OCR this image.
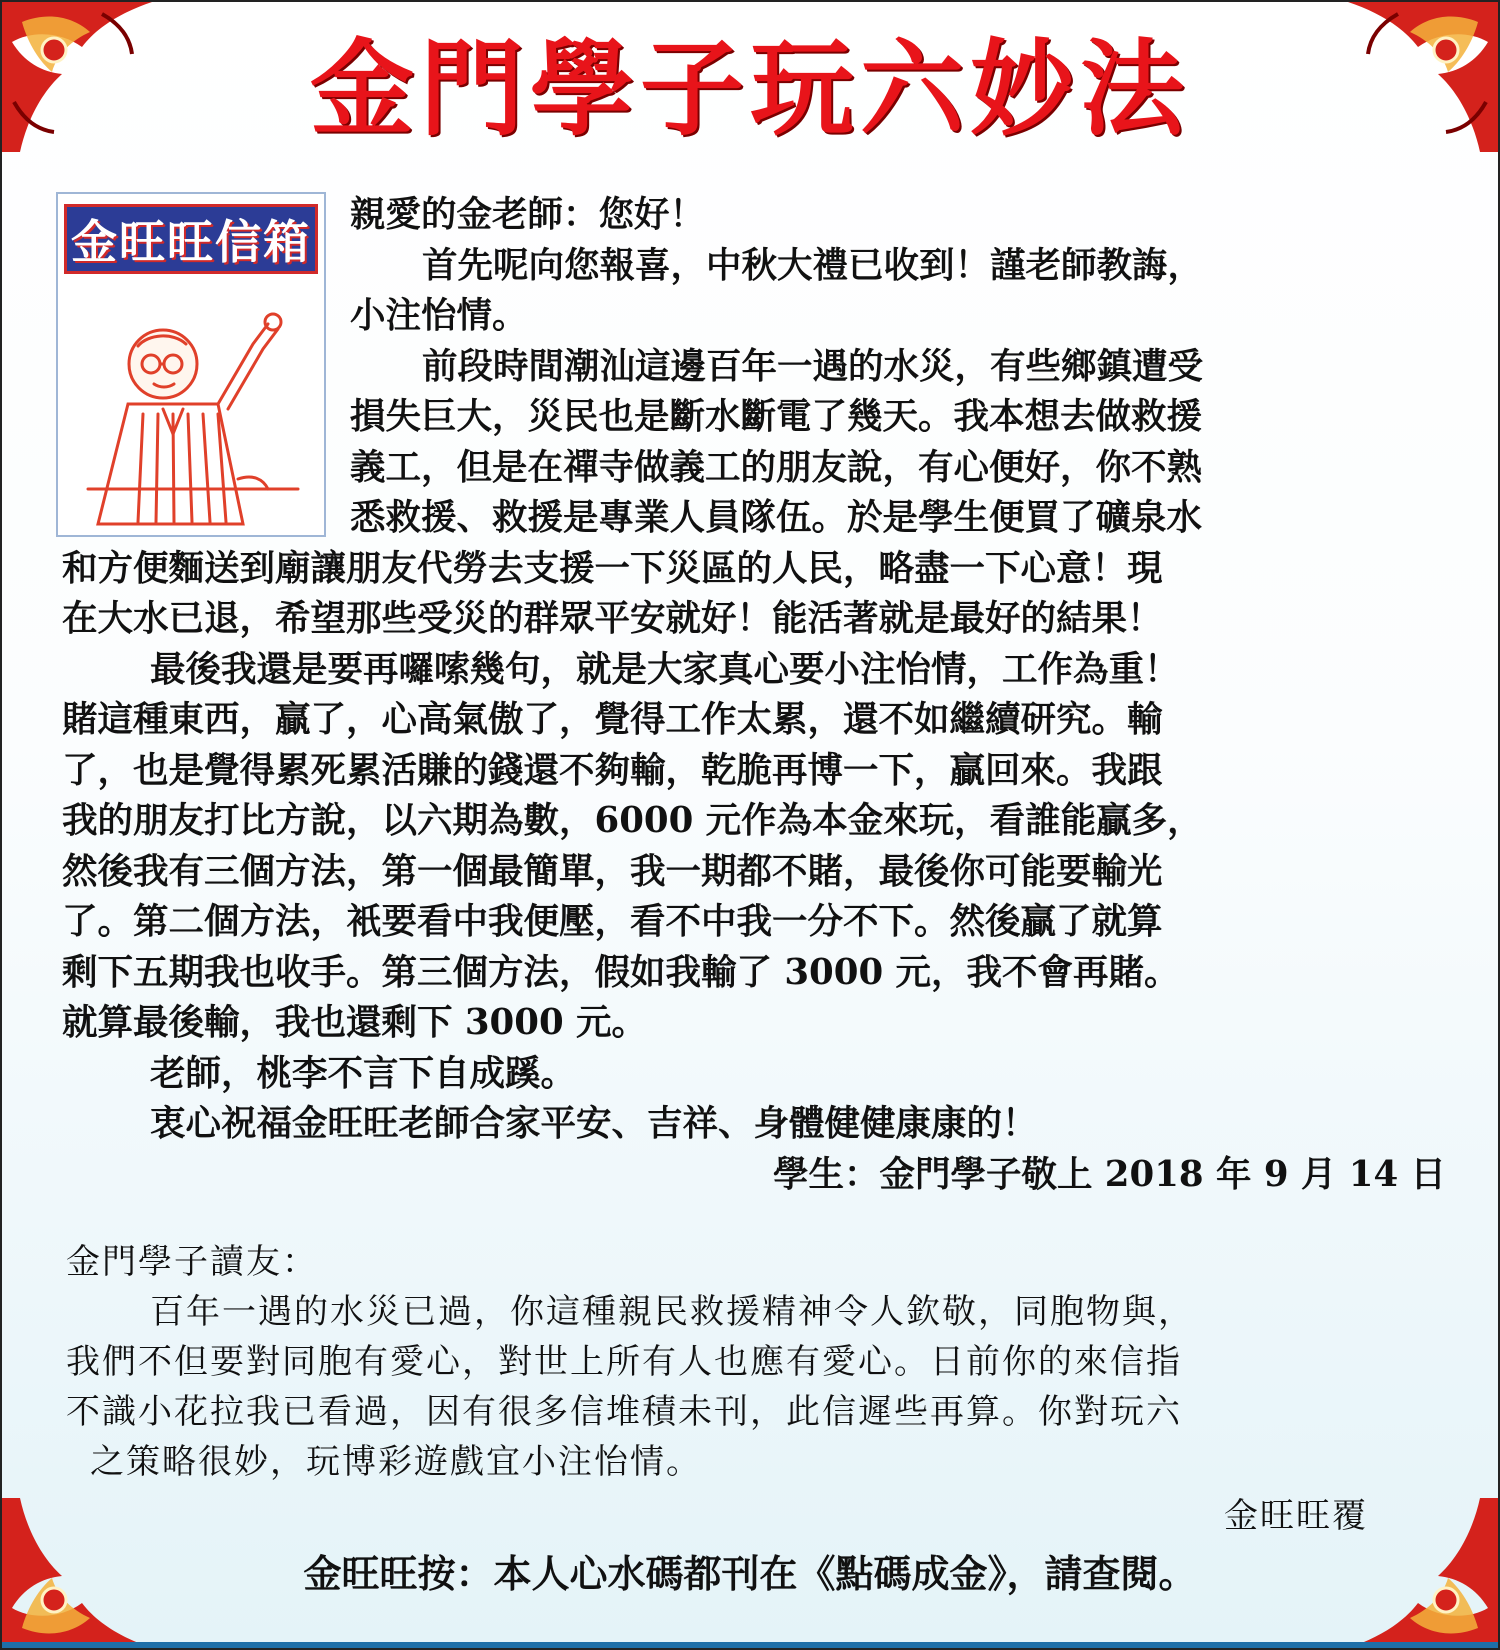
金門學子玩六妙法
金旺旺信箱

親愛的金老師：您好！

首先呢向您報喜，中秋大禮已收到！謹老師教誨，

小注怡情。

前段時間潮汕這邊百年一遇的水災，有些鄉鎮遭受

損失巨大，災民也是斷水斷電了幾天。我本想去做救援

義工，但是在禪寺做義工的朋友說，有心便好，你不熟

悉救援、救援是專業人員隊伍。於是學生便買了礦泉水

和方便麵送到廟讓朋友代勞去支援一下災區的人民，略盡一下心意！現

在大水已退，希望那些受災的群眾平安就好！能活著就是最好的結果！

最後我還是要再囉嗦幾句，就是大家真心要小注怡情，工作為重！

賭這種東西，贏了，心高氣傲了，覺得工作太累，還不如繼續研究。輸

了，也是覺得累死累活賺的錢還不夠輸，乾脆再博一下，贏回來。我跟

我的朋友打比方說，以六期為數，6000 元作為本金來玩，看誰能贏多，

然後我有三個方法，第一個最簡單，我一期都不賭，最後你可能要輸光

了。第二個方法，衹要看中我便壓，看不中我一分不下。然後贏了就算

剩下五期我也收手。第三個方法，假如我輸了 3000 元，我不會再賭。

就算最後輸，我也還剩下 3000 元。

老師，桃李不言下自成蹊。

衷心祝福金旺旺老師合家平安、吉祥、身體健健康康的！

學生：金門學子敬上 2018 年 9 月 14 日

金門學子讀友：

百年一遇的水災已過，你這種親民救援精神令人欽敬，同胞物與，

我們不但要對同胞有愛心，對世上所有人也應有愛心。日前你的來信指

不識小花拉我已看過，因有很多信堆積未刊，此信遲些再算。你對玩六

之策略很妙，玩博彩遊戲宜小注怡情。

金旺旺覆

金旺旺按：本人心水碼都刊在《點碼成金》，請查閱。
